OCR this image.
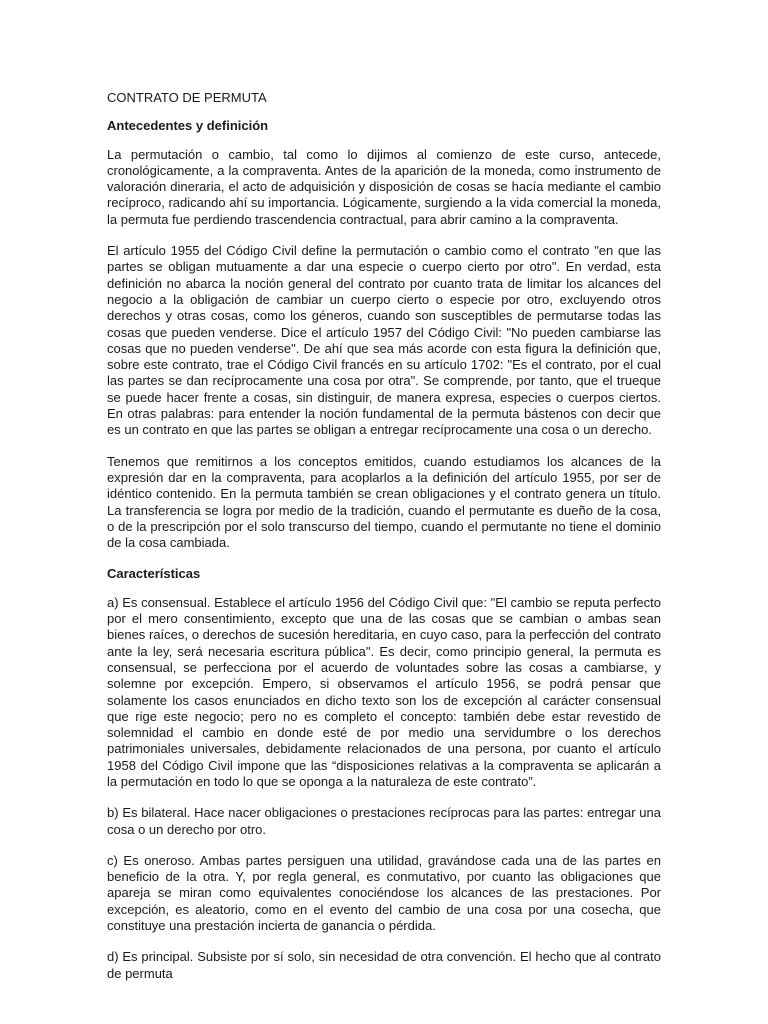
CONTRATO DE PERMUTA
Antecedentes y definición

La permutación o cambio, tal como lo dijimos al comienzo de este curso, antecede, cronológicamente, a la compraventa. Antes de la aparición de la moneda, como instrumento de valoración dineraria, el acto de adquisición y disposición de cosas se hacía mediante el cambio recíproco, radicando ahí su importancia. Lógicamente, surgiendo a la vida comercial la moneda, la permuta fue perdiendo trascendencia contractual, para abrir camino a la compraventa.

El artículo 1955 del Código Civil define la permutación o cambio como el contrato "en que las partes se obligan mutuamente a dar una especie o cuerpo cierto por otro". En verdad, esta definición no abarca la noción general del contrato por cuanto trata de limitar los alcances del negocio a la obligación de cambiar un cuerpo cierto o especie por otro, excluyendo otros derechos y otras cosas, como los géneros, cuando son susceptibles de permutarse todas las cosas que pueden venderse. Dice el artículo 1957 del Código Civil: "No pueden cambiarse las cosas que no pueden venderse". De ahí que sea más acorde con esta figura la definición que, sobre este contrato, trae el Código Civil francés en su artículo 1702: "Es el contrato, por el cual las partes se dan recíprocamente una cosa por otra". Se comprende, por tanto, que el trueque se puede hacer frente a cosas, sin distinguir, de manera expresa, especies o cuerpos ciertos. En otras palabras: para entender la noción fundamental de la permuta bástenos con decir que es un contrato en que las partes se obligan a entregar recíprocamente una cosa o un derecho.

Tenemos que remitirnos a los conceptos emitidos, cuando estudiamos los alcances de la expresión dar en la compraventa, para acoplarlos a la definición del artículo 1955, por ser de idéntico contenido. En la permuta también se crean obligaciones y el contrato genera un título. La transferencia se logra por medio de la tradición, cuando el permutante es dueño de la cosa, o de la prescripción por el solo transcurso del tiempo, cuando el permutante no tiene el dominio de la cosa cambiada.

Características

a) Es consensual. Establece el artículo 1956 del Código Civil que: "El cambio se reputa perfecto por el mero consentimiento, excepto que una de las cosas que se cambian o ambas sean bienes raíces, o derechos de sucesión hereditaria, en cuyo caso, para la perfección del contrato ante la ley, será necesaria escritura pública". Es decir, como principio general, la permuta es consensual, se perfecciona por el acuerdo de voluntades sobre las cosas a cambiarse, y solemne por excepción. Empero, si observamos el artículo 1956, se podrá pensar que solamente los casos enunciados en dicho texto son los de excepción al carácter consensual que rige este negocio; pero no es completo el concepto: también debe estar revestido de solemnidad el cambio en donde esté de por medio una servidumbre o los derechos patrimoniales universales, debidamente relacionados de una persona, por cuanto el artículo 1958 del Código Civil impone que las “disposiciones relativas a la compraventa se aplicarán a la permutación en todo lo que se oponga a la naturaleza de este contrato”.

b) Es bilateral. Hace nacer obligaciones o prestaciones recíprocas para las partes: entregar una cosa o un derecho por otro.

c) Es oneroso. Ambas partes persiguen una utilidad, gravándose cada una de las partes en beneficio de la otra. Y, por regla general, es conmutativo, por cuanto las obligaciones que apareja se miran como equivalentes conociéndose los alcances de las prestaciones. Por excepción, es aleatorio, como en el evento del cambio de una cosa por una cosecha, que constituye una prestación incierta de ganancia o pérdida.

d) Es principal. Subsiste por sí solo, sin necesidad de otra convención. El hecho que al contrato de permuta
